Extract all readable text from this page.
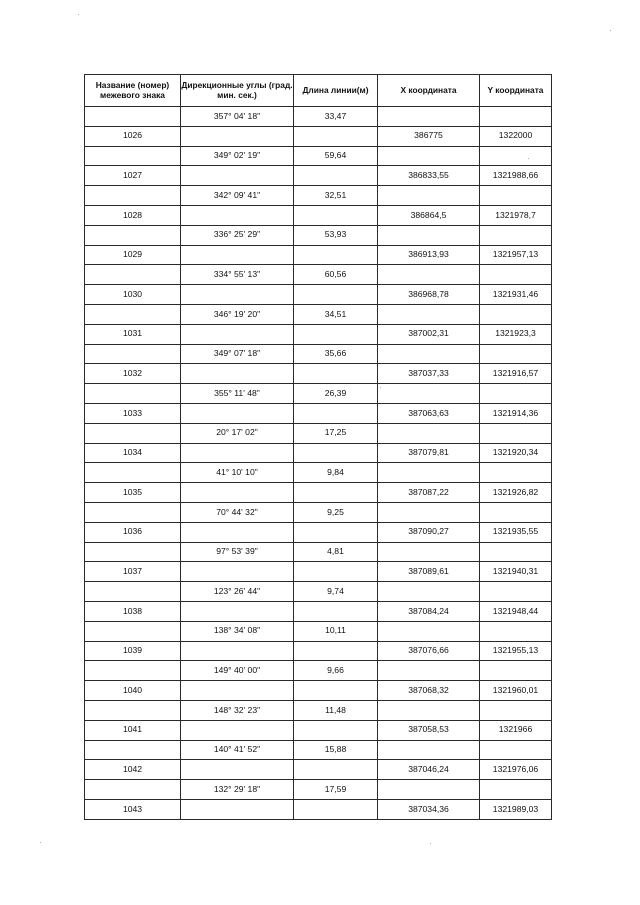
Название (номер) межевого знака	Дирекционные углы (град. мин. сек.)	Длина линии(м)	X координата	Y координата
	357° 04' 18"	33,47		
1026			386775	1322000
	349° 02' 19"	59,64		
1027			386833,55	1321988,66
	342° 09' 41"	32,51		
1028			386864,5	1321978,7
	336° 25' 29"	53,93		
1029			386913,93	1321957,13
	334° 55' 13"	60,56		
1030			386968,78	1321931,46
	346° 19' 20"	34,51		
1031			387002,31	1321923,3
	349° 07' 18"	35,66		
1032			387037,33	1321916,57
	355° 11' 48"	26,39		
1033			387063,63	1321914,36
	20° 17' 02"	17,25		
1034			387079,81	1321920,34
	41° 10' 10"	9,84		
1035			387087,22	1321926,82
	70° 44' 32"	9,25		
1036			387090,27	1321935,55
	97° 53' 39"	4,81		
1037			387089,61	1321940,31
	123° 26' 44"	9,74		
1038			387084,24	1321948,44
	138° 34' 08"	10,11		
1039			387076,66	1321955,13
	149° 40' 00"	9,66		
1040			387068,32	1321960,01
	148° 32' 23"	11,48		
1041			387058,53	1321966
	140° 41' 52"	15,88		
1042			387046,24	1321976,06
	132° 29' 18"	17,59		
1043			387034,36	1321989,03
